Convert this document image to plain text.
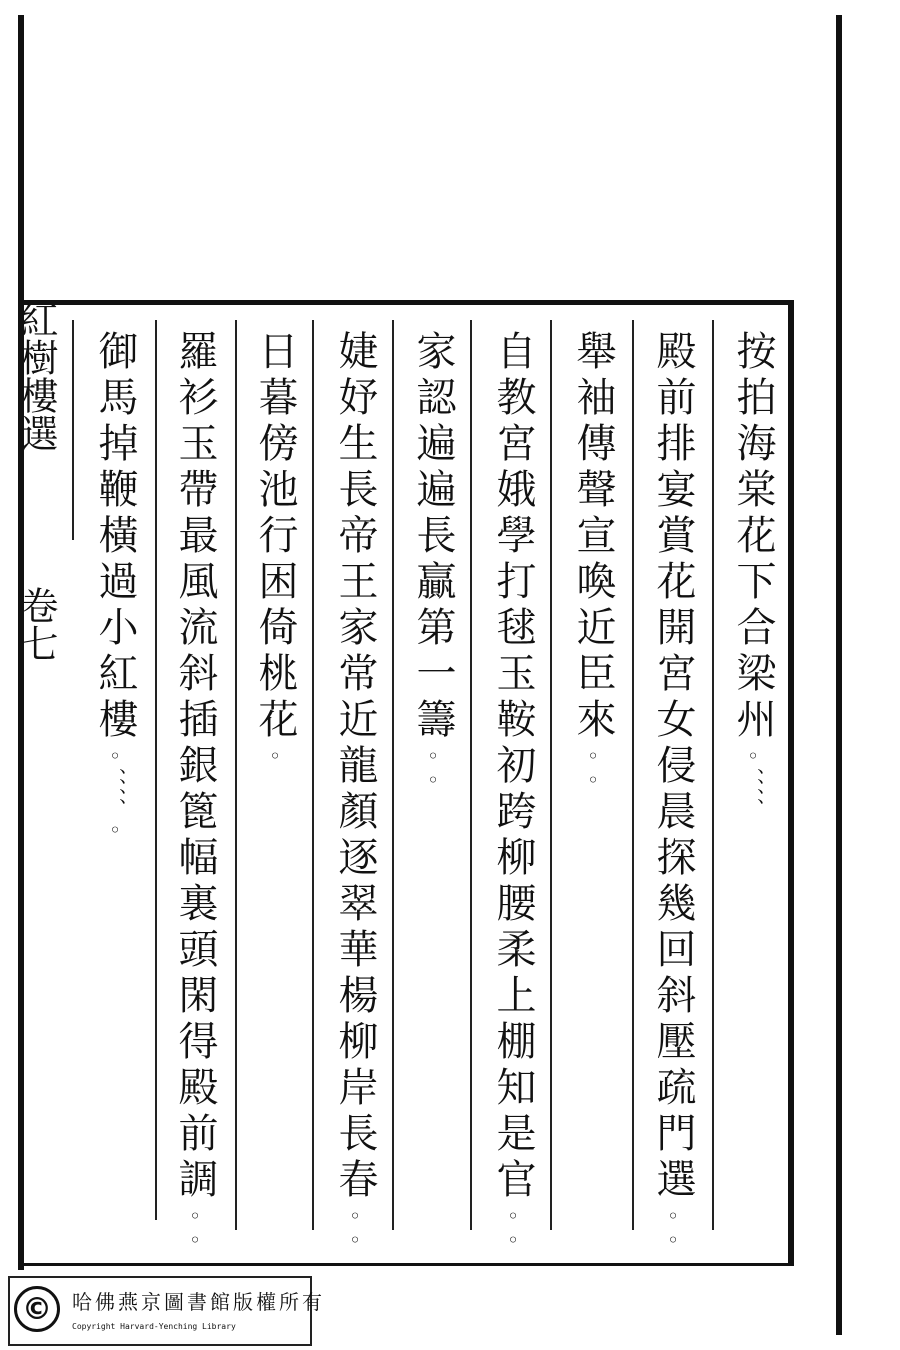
紅樹樓選
卷七	按拍海棠花下合梁州◦、、、、
殿前排宴賞花開宮女侵晨探幾回斜壓疏門選◦◦
舉袖傳聲宣喚近臣來◦◦
自教宮娥學打毬玉鞍初跨柳腰柔上棚知是官◦◦
家認遍遍長贏第一籌◦◦
婕妤生長帝王家常近龍顏逐翠華楊柳岸長春◦◦
日暮傍池行困倚桃花◦
羅衫玉帶最風流斜插銀篦幅裏頭閑得殿前調◦◦
御馬掉鞭橫過小紅樓◦、、、、◦
©	哈佛燕京圖書館版權所有
Copyright Harvard-Yenching Library
